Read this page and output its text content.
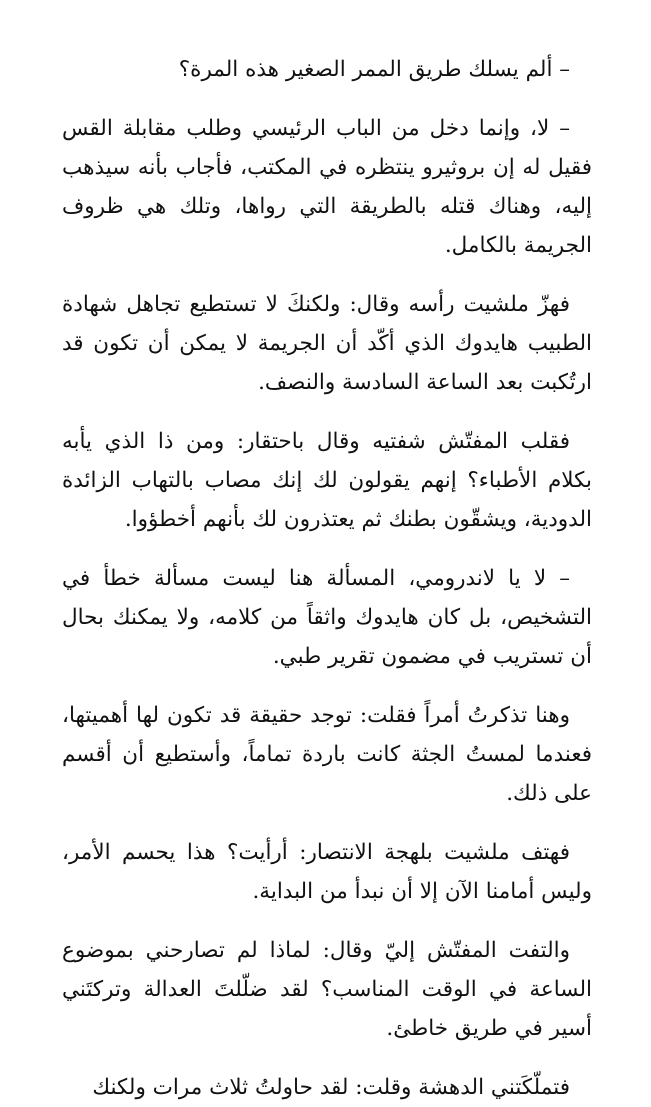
– ألم يسلك طريق الممر الصغير هذه المرة؟

– لا، وإنما دخل من الباب الرئيسي وطلب مقابلة القس فقيل له إن بروثيرو ينتظره في المكتب، فأجاب بأنه سيذهب إليه، وهناك قتله بالطريقة التي رواها، وتلك هي ظروف الجريمة بالكامل.

فهزّ ملشيت رأسه وقال: ولكنكَ لا تستطيع تجاهل شهادة الطبيب هايدوك الذي أكّد أن الجريمة لا يمكن أن تكون قد ارتُكبت بعد الساعة السادسة والنصف.

فقلب المفتّش شفتيه وقال باحتقار: ومن ذا الذي يأبه بكلام الأطباء؟ إنهم يقولون لك إنك مصاب بالتهاب الزائدة الدودية، ويشقّون بطنك ثم يعتذرون لك بأنهم أخطؤوا.

– لا يا لاندرومي، المسألة هنا ليست مسألة خطأ في التشخيص، بل كان هايدوك واثقاً من كلامه، ولا يمكنك بحال أن تستريب في مضمون تقرير طبي.

وهنا تذكرتُ أمراً فقلت: توجد حقيقة قد تكون لها أهميتها، فعندما لمستُ الجثة كانت باردة تماماً، وأستطيع أن أقسم على ذلك.

فهتف ملشيت بلهجة الانتصار: أرأيت؟ هذا يحسم الأمر، وليس أمامنا الآن إلا أن نبدأ من البداية.

والتفت المفتّش إليّ وقال: لماذا لم تصارحني بموضوع الساعة في الوقت المناسب؟ لقد ضلّلتَ العدالة وتركتَني أسير في طريق خاطئ.

فتملّكَتني الدهشة وقلت: لقد حاولتُ ثلاث مرات ولكنك
